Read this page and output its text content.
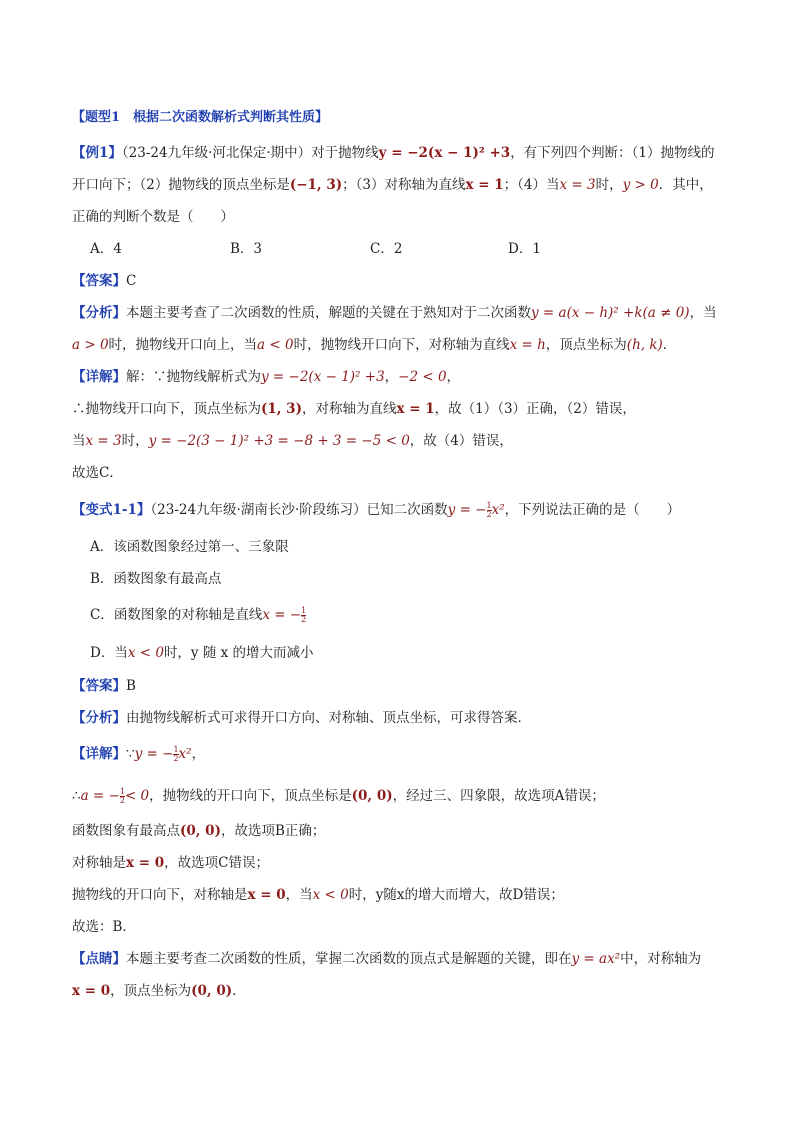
【题型1　根据二次函数解析式判断其性质】
【例1】（23-24九年级·河北保定·期中）对于抛物线y = −2(x − 1)² +3，有下列四个判断：（1）抛物线的
开口向下；（2）抛物线的顶点坐标是(−1, 3)；（3）对称轴为直线x = 1；（4）当x = 3时，y > 0．其中，
正确的判断个数是（　　）
A．4	B．3	C．2	D．1
【答案】C
【分析】本题主要考查了二次函数的性质，解题的关键在于熟知对于二次函数y = a(x − h)² +k(a ≠ 0)，当
a > 0时，抛物线开口向上，当a < 0时，抛物线开口向下，对称轴为直线x = h，顶点坐标为(h, k)．
【详解】解：∵抛物线解析式为y = −2(x − 1)² +3，−2 < 0，
∴抛物线开口向下，顶点坐标为(1, 3)，对称轴为直线x = 1，故（1）（3）正确，（2）错误，
当x = 3时，y = −2(3 − 1)² +3 = −8 + 3 = −5 < 0，故（4）错误，
故选C．
【变式1-1】（23-24九年级·湖南长沙·阶段练习）已知二次函数y = − $\frac{1}{2} x^2$，下列说法正确的是（　　）
A．该函数图象经过第一、三象限
B．函数图象有最高点
C．函数图象的对称轴是直线x = − $\frac{1}{2}$
D．当x < 0时，y 随 x 的增大而减小
【答案】B
【分析】由抛物线解析式可求得开口方向、对称轴、顶点坐标，可求得答案．
【详解】∵y = − $\frac{1}{2} x^2$，
∴a = − $\frac{1}{2} < 0$，抛物线的开口向下，顶点坐标是(0, 0)，经过三、四象限，故选项A错误；
函数图象有最高点(0, 0)，故选项B正确；
对称轴是x = 0，故选项C错误；
抛物线的开口向下，对称轴是x = 0，当x < 0时，y随x的增大而增大，故D错误；
故选：B．
【点睛】本题主要考查二次函数的性质，掌握二次函数的顶点式是解题的关键，即在y = ax²中，对称轴为
x = 0，顶点坐标为(0, 0)．
